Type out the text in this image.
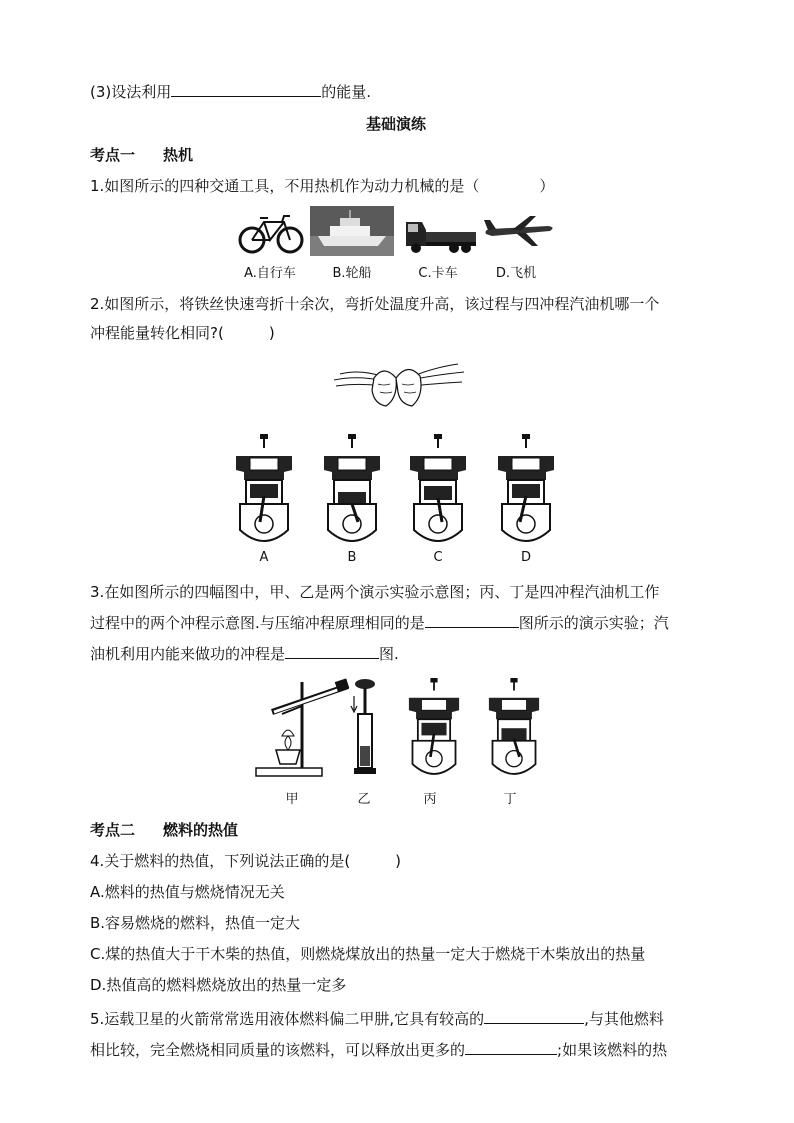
(3)设法利用	的能量.
基础演练
考点一 热机
1.如图所示的四种交通工具，不用热机作为动力机械的是（　　　　）
A.自行车	B.轮船	C.卡车	D.飞机
2.如图所示，将铁丝快速弯折十余次，弯折处温度升高，该过程与四冲程汽油机哪一个
冲程能量转化相同?(　　　)
A	B	C	D
3.在如图所示的四幅图中，甲、乙是两个演示实验示意图；丙、丁是四冲程汽油机工作
过程中的两个冲程示意图.与压缩冲程原理相同的是	图所示的演示实验；汽
油机利用内能来做功的冲程是	图.
甲	乙	丙	丁
考点二 燃料的热值
4.关于燃料的热值，下列说法正确的是(　　　)
A.燃料的热值与燃烧情况无关
B.容易燃烧的燃料，热值一定大
C.煤的热值大于干木柴的热值，则燃烧煤放出的热量一定大于燃烧干木柴放出的热量
D.热值高的燃料燃烧放出的热量一定多
5.运载卫星的火箭常常选用液体燃料偏二甲肼,它具有较高的	,与其他燃料
相比较，完全燃烧相同质量的该燃料，可以释放出更多的	;如果该燃料的热
